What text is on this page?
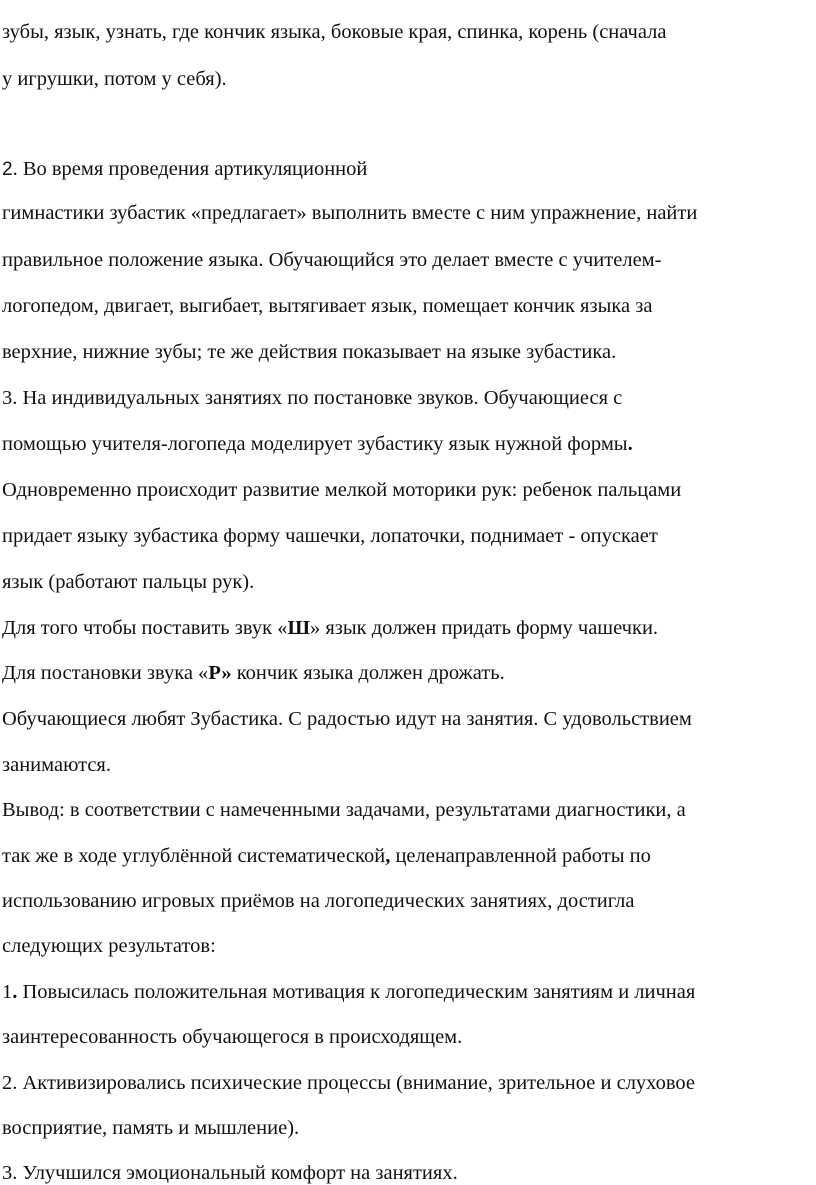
зубы, язык, узнать, где кончик языка, боковые края, спинка, корень (сначала

у игрушки, потом у себя).

2. Во время проведения артикуляционной

гимнастики зубастик «предлагает» выполнить вместе с ним упражнение, найти

правильное положение языка. Обучающийся это делает вместе с учителем-

логопедом, двигает, выгибает, вытягивает язык, помещает кончик языка за

верхние, нижние зубы; те же действия показывает на языке зубастика.

3. На индивидуальных занятиях по постановке звуков. Обучающиеся с

помощью учителя-логопеда моделирует зубастику язык нужной формы.

Одновременно происходит развитие мелкой моторики рук: ребенок пальцами

придает языку зубастика форму чашечки, лопаточки, поднимает - опускает

язык (работают пальцы рук).

Для того чтобы поставить звук «Ш» язык должен придать форму чашечки.

Для постановки звука «Р» кончик языка должен дрожать.

Обучающиеся любят Зубастика. С радостью идут на занятия. С удовольствием

занимаются.

Вывод: в соответствии с намеченными задачами, результатами диагностики, а

так же в ходе углублённой систематической, целенаправленной работы по

использованию игровых приёмов на логопедических занятиях, достигла

следующих результатов:

1. Повысилась положительная мотивация к логопедическим занятиям и личная

заинтересованность обучающегося в происходящем.

2. Активизировались психические процессы (внимание, зрительное и слуховое

восприятие, память и мышление).

3. Улучшился эмоциональный комфорт на занятиях.
